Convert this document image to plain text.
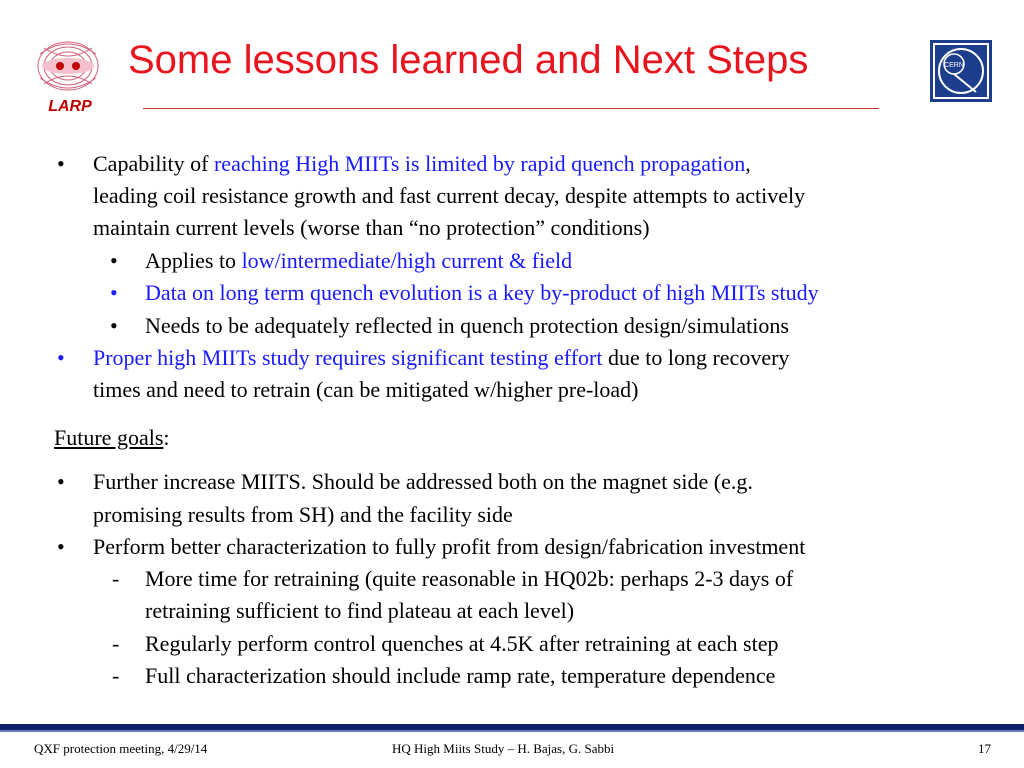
LARP
Some lessons learned and Next Steps	CERN
• Capability of reaching High MIITs is limited by rapid quench propagation,
leading coil resistance growth and fast current decay, despite attempts to actively
maintain current levels (worse than “no protection” conditions)
• Applies to low/intermediate/high current & field
• Data on long term quench evolution is a key by-product of high MIITs study
• Needs to be adequately reflected in quench protection design/simulations
• Proper high MIITs study requires significant testing effort due to long recovery
times and need to retrain (can be mitigated w/higher pre-load)
Future goals:
• Further increase MIITS. Should be addressed both on the magnet side (e.g.
promising results from SH) and the facility side
• Perform better characterization to fully profit from design/fabrication investment
- More time for retraining (quite reasonable in HQ02b: perhaps 2-3 days of
retraining sufficient to find plateau at each level)
- Regularly perform control quenches at 4.5K after retraining at each step
- Full characterization should include ramp rate, temperature dependence
QXF protection meeting, 4/29/14	HQ High Miits Study – H. Bajas, G. Sabbi	17
